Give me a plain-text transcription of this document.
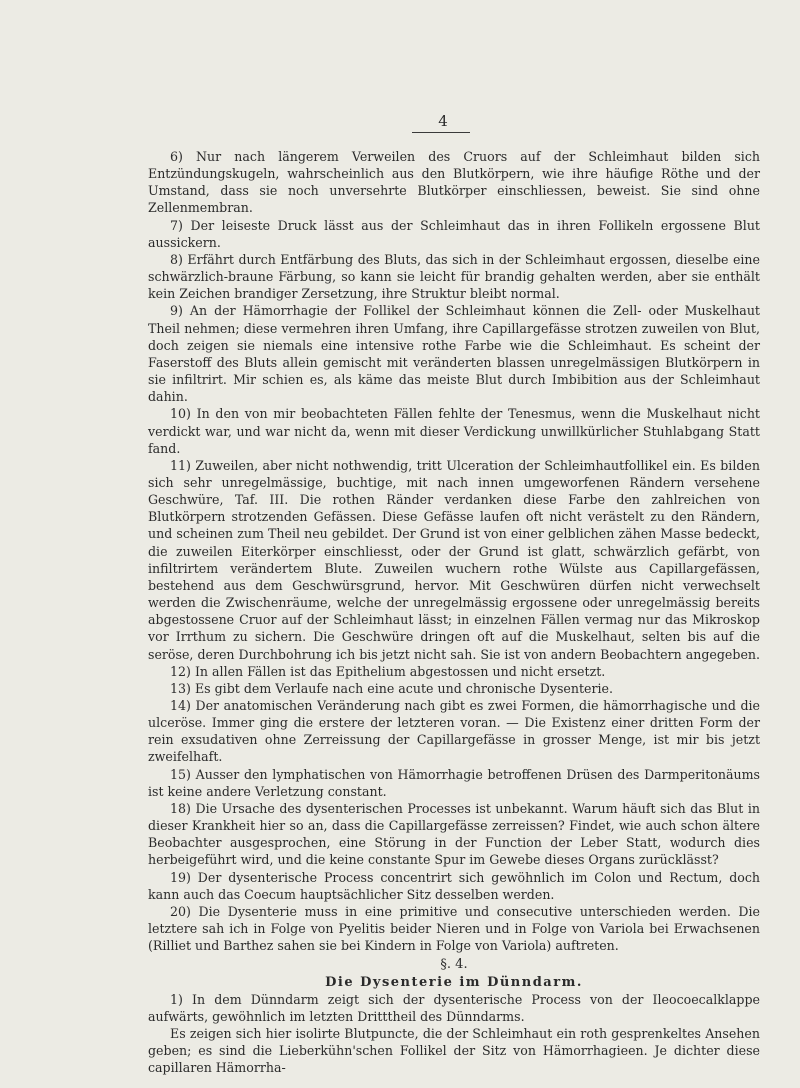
4

6) Nur nach längerem Verweilen des Cruors auf der Schleimhaut bilden sich Entzündungskugeln, wahrscheinlich aus den Blutkörpern, wie ihre häufige Röthe und der Umstand, dass sie noch unversehrte Blutkörper einschliessen, beweist. Sie sind ohne Zellenmembran.

7) Der leiseste Druck lässt aus der Schleimhaut das in ihren Follikeln ergossene Blut aussickern.

8) Erfährt durch Entfärbung des Bluts, das sich in der Schleimhaut ergossen, dieselbe eine schwärzlich-braune Färbung, so kann sie leicht für brandig gehalten werden, aber sie enthält kein Zeichen brandiger Zersetzung, ihre Struktur bleibt normal.

9) An der Hämorrhagie der Follikel der Schleimhaut können die Zell- oder Muskelhaut Theil nehmen; diese vermehren ihren Umfang, ihre Capillargefässe strotzen zuweilen von Blut, doch zeigen sie niemals eine intensive rothe Farbe wie die Schleimhaut. Es scheint der Faserstoff des Bluts allein gemischt mit veränderten blassen unregelmässigen Blutkörpern in sie infiltrirt. Mir schien es, als käme das meiste Blut durch Imbibition aus der Schleimhaut dahin.

10) In den von mir beobachteten Fällen fehlte der Tenesmus, wenn die Muskelhaut nicht verdickt war, und war nicht da, wenn mit dieser Verdickung unwillkürlicher Stuhlabgang Statt fand.

11) Zuweilen, aber nicht nothwendig, tritt Ulceration der Schleimhautfollikel ein. Es bilden sich sehr unregelmässige, buchtige, mit nach innen umgeworfenen Rändern versehene Geschwüre, Taf. III. Die rothen Ränder verdanken diese Farbe den zahlreichen von Blutkörpern strotzenden Gefässen. Diese Gefässe laufen oft nicht verästelt zu den Rändern, und scheinen zum Theil neu gebildet. Der Grund ist von einer gelblichen zähen Masse bedeckt, die zuweilen Eiterkörper einschliesst, oder der Grund ist glatt, schwärzlich gefärbt, von infiltrirtem verändertem Blute. Zuweilen wuchern rothe Wülste aus Capillargefässen, bestehend aus dem Geschwürsgrund, hervor. Mit Geschwüren dürfen nicht verwechselt werden die Zwischenräume, welche der unregelmässig ergossene oder unregelmässig bereits abgestossene Cruor auf der Schleimhaut lässt; in einzelnen Fällen vermag nur das Mikroskop vor Irrthum zu sichern. Die Geschwüre dringen oft auf die Muskelhaut, selten bis auf die seröse, deren Durchbohrung ich bis jetzt nicht sah. Sie ist von andern Beobachtern angegeben.

12) In allen Fällen ist das Epithelium abgestossen und nicht ersetzt.

13) Es gibt dem Verlaufe nach eine acute und chronische Dysenterie.

14) Der anatomischen Veränderung nach gibt es zwei Formen, die hämorrhagische und die ulceröse. Immer ging die erstere der letzteren voran. — Die Existenz einer dritten Form der rein exsudativen ohne Zerreissung der Capillargefässe in grosser Menge, ist mir bis jetzt zweifelhaft.

15) Ausser den lymphatischen von Hämorrhagie betroffenen Drüsen des Darmperitonäums ist keine andere Verletzung constant.

18) Die Ursache des dysenterischen Processes ist unbekannt. Warum häuft sich das Blut in dieser Krankheit hier so an, dass die Capillargefässe zerreissen? Findet, wie auch schon ältere Beobachter ausgesprochen, eine Störung in der Function der Leber Statt, wodurch dies herbeigeführt wird, und die keine constante Spur im Gewebe dieses Organs zurücklässt?

19) Der dysenterische Process concentrirt sich gewöhnlich im Colon und Rectum, doch kann auch das Coecum hauptsächlicher Sitz desselben werden.

20) Die Dysenterie muss in eine primitive und consecutive unterschieden werden. Die letztere sah ich in Folge von Pyelitis beider Nieren und in Folge von Variola bei Erwachsenen (Rilliet und Barthez sahen sie bei Kindern in Folge von Variola) auftreten.

§. 4.

Die Dysenterie im Dünndarm.

1) In dem Dünndarm zeigt sich der dysenterische Process von der Ileocoecalklappe aufwärts, gewöhnlich im letzten Dritttheil des Dünndarms.

Es zeigen sich hier isolirte Blutpuncte, die der Schleimhaut ein roth gesprenkeltes Ansehen geben; es sind die Lieberkühn'schen Follikel der Sitz von Hämorrhagieen. Je dichter diese capillaren Hämorrha-
